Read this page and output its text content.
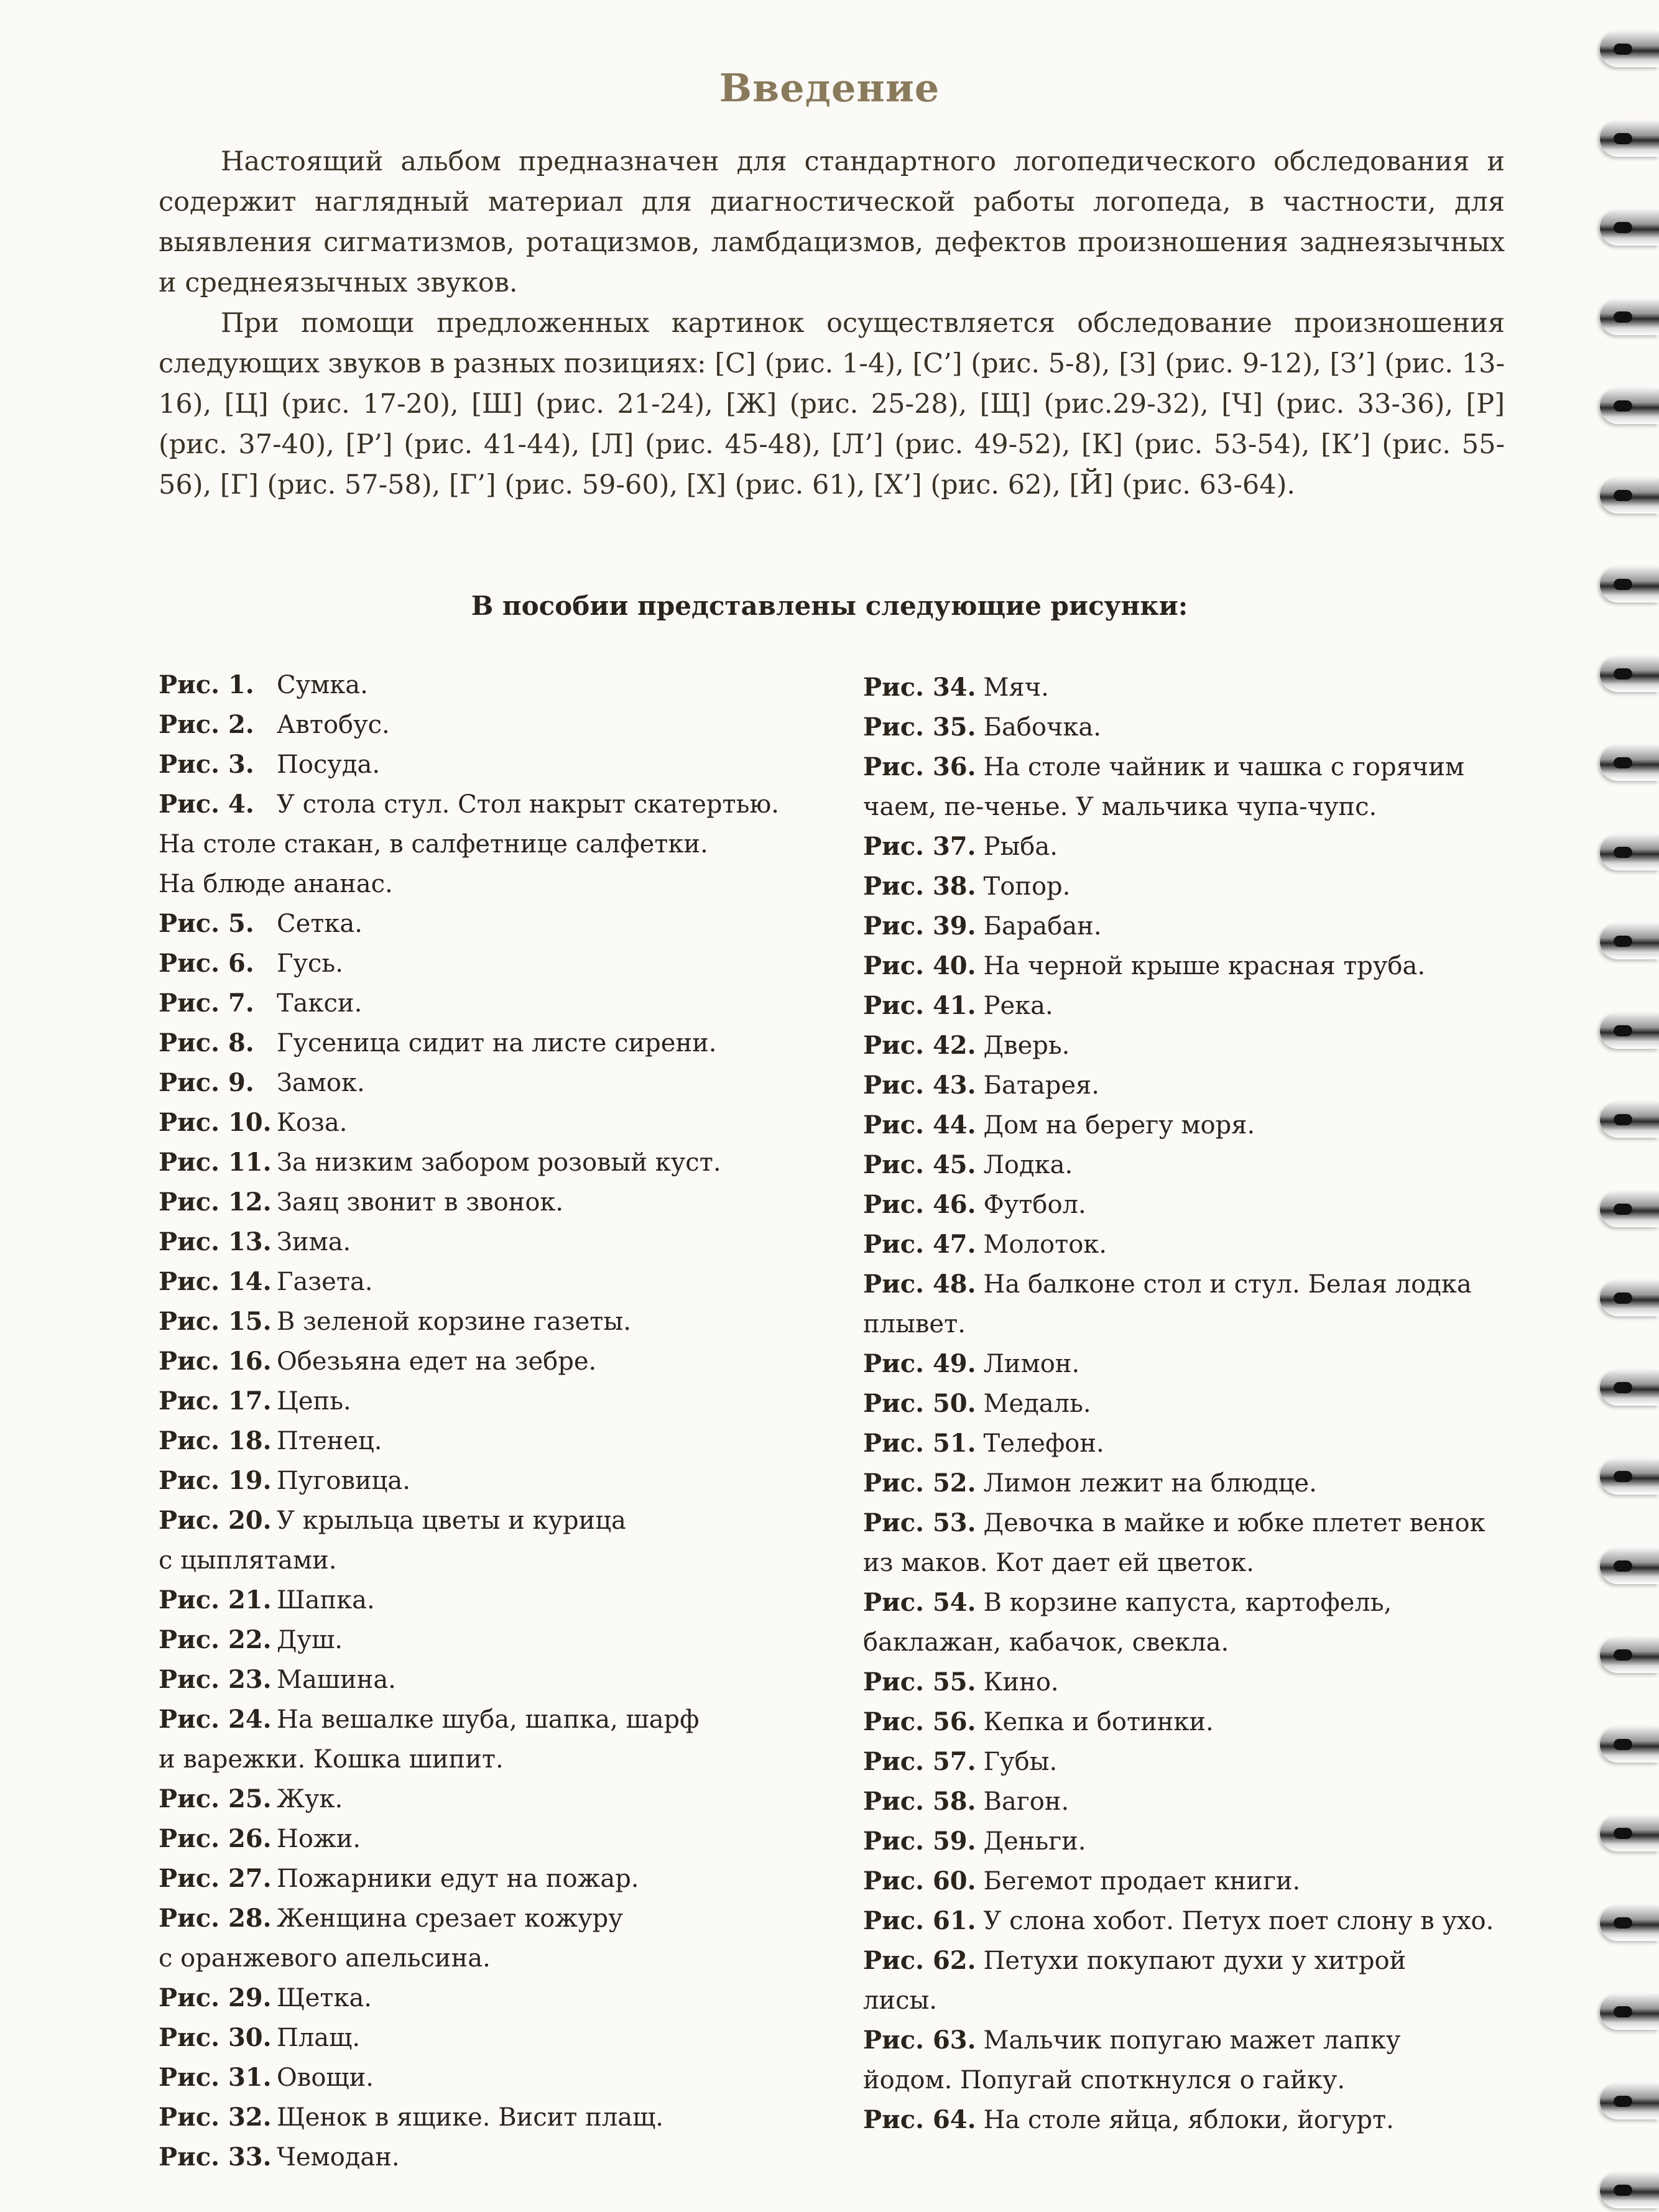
Введение

Настоящий альбом предназначен для стандартного логопедического обследования и содержит наглядный материал для диагностической работы логопеда, в частности, для выявления сигматизмов, ротацизмов, ламбдацизмов, дефектов произношения заднеязычных и среднеязычных звуков.

При помощи предложенных картинок осуществляется обследование произношения следующих звуков в разных позициях: [С] (рис. 1-4), [С’] (рис. 5-8), [З] (рис. 9-12), [З’] (рис. 13-16), [Ц] (рис. 17-20), [Ш] (рис. 21-24), [Ж] (рис. 25-28), [Щ] (рис.29-32), [Ч] (рис. 33-36), [Р] (рис. 37-40), [Р’] (рис. 41-44), [Л] (рис. 45-48), [Л’] (рис. 49-52), [К] (рис. 53-54), [К’] (рис. 55-56), [Г] (рис. 57-58), [Г’] (рис. 59-60), [Х] (рис. 61), [Х’] (рис. 62), [Й] (рис. 63-64).

В пособии представлены следующие рисунки:
Рис. 1. Сумка.
Рис. 2. Автобус.
Рис. 3. Посуда.
Рис. 4. У стола стул. Стол накрыт скатертью.
На столе стакан, в салфетнице салфетки.
На блюде ананас.
Рис. 5. Сетка.
Рис. 6. Гусь.
Рис. 7. Такси.
Рис. 8. Гусеница сидит на листе сирени.
Рис. 9. Замок.
Рис. 10. Коза.
Рис. 11. За низким забором розовый куст.
Рис. 12. Заяц звонит в звонок.
Рис. 13. Зима.
Рис. 14. Газета.
Рис. 15. В зеленой корзине газеты.
Рис. 16. Обезьяна едет на зебре.
Рис. 17. Цепь.
Рис. 18. Птенец.
Рис. 19. Пуговица.
Рис. 20. У крыльца цветы и курица
с цыплятами.
Рис. 21. Шапка.
Рис. 22. Душ.
Рис. 23. Машина.
Рис. 24. На вешалке шуба, шапка, шарф
и варежки. Кошка шипит.
Рис. 25. Жук.
Рис. 26. Ножи.
Рис. 27. Пожарники едут на пожар.
Рис. 28. Женщина срезает кожуру
с оранжевого апельсина.
Рис. 29. Щетка.
Рис. 30. Плащ.
Рис. 31. Овощи.
Рис. 32. Щенок в ящике. Висит плащ.
Рис. 33. Чемодан.
Рис. 34. Мяч.
Рис. 35. Бабочка.
Рис. 36. На столе чайник и чашка с горячим
чаем, пе-ченье. У мальчика чупа-чупс.
Рис. 37. Рыба.
Рис. 38. Топор.
Рис. 39. Барабан.
Рис. 40. На черной крыше красная труба.
Рис. 41. Река.
Рис. 42. Дверь.
Рис. 43. Батарея.
Рис. 44. Дом на берегу моря.
Рис. 45. Лодка.
Рис. 46. Футбол.
Рис. 47. Молоток.
Рис. 48. На балконе стол и стул. Белая лодка
плывет.
Рис. 49. Лимон.
Рис. 50. Медаль.
Рис. 51. Телефон.
Рис. 52. Лимон лежит на блюдце.
Рис. 53. Девочка в майке и юбке плетет венок
из маков. Кот дает ей цветок.
Рис. 54. В корзине капуста, картофель,
баклажан, кабачок, свекла.
Рис. 55. Кино.
Рис. 56. Кепка и ботинки.
Рис. 57. Губы.
Рис. 58. Вагон.
Рис. 59. Деньги.
Рис. 60. Бегемот продает книги.
Рис. 61. У слона хобот. Петух поет слону в ухо.
Рис. 62. Петухи покупают духи у хитрой
лисы.
Рис. 63. Мальчик попугаю мажет лапку
йодом. Попугай споткнулся о гайку.
Рис. 64. На столе яйца, яблоки, йогурт.
